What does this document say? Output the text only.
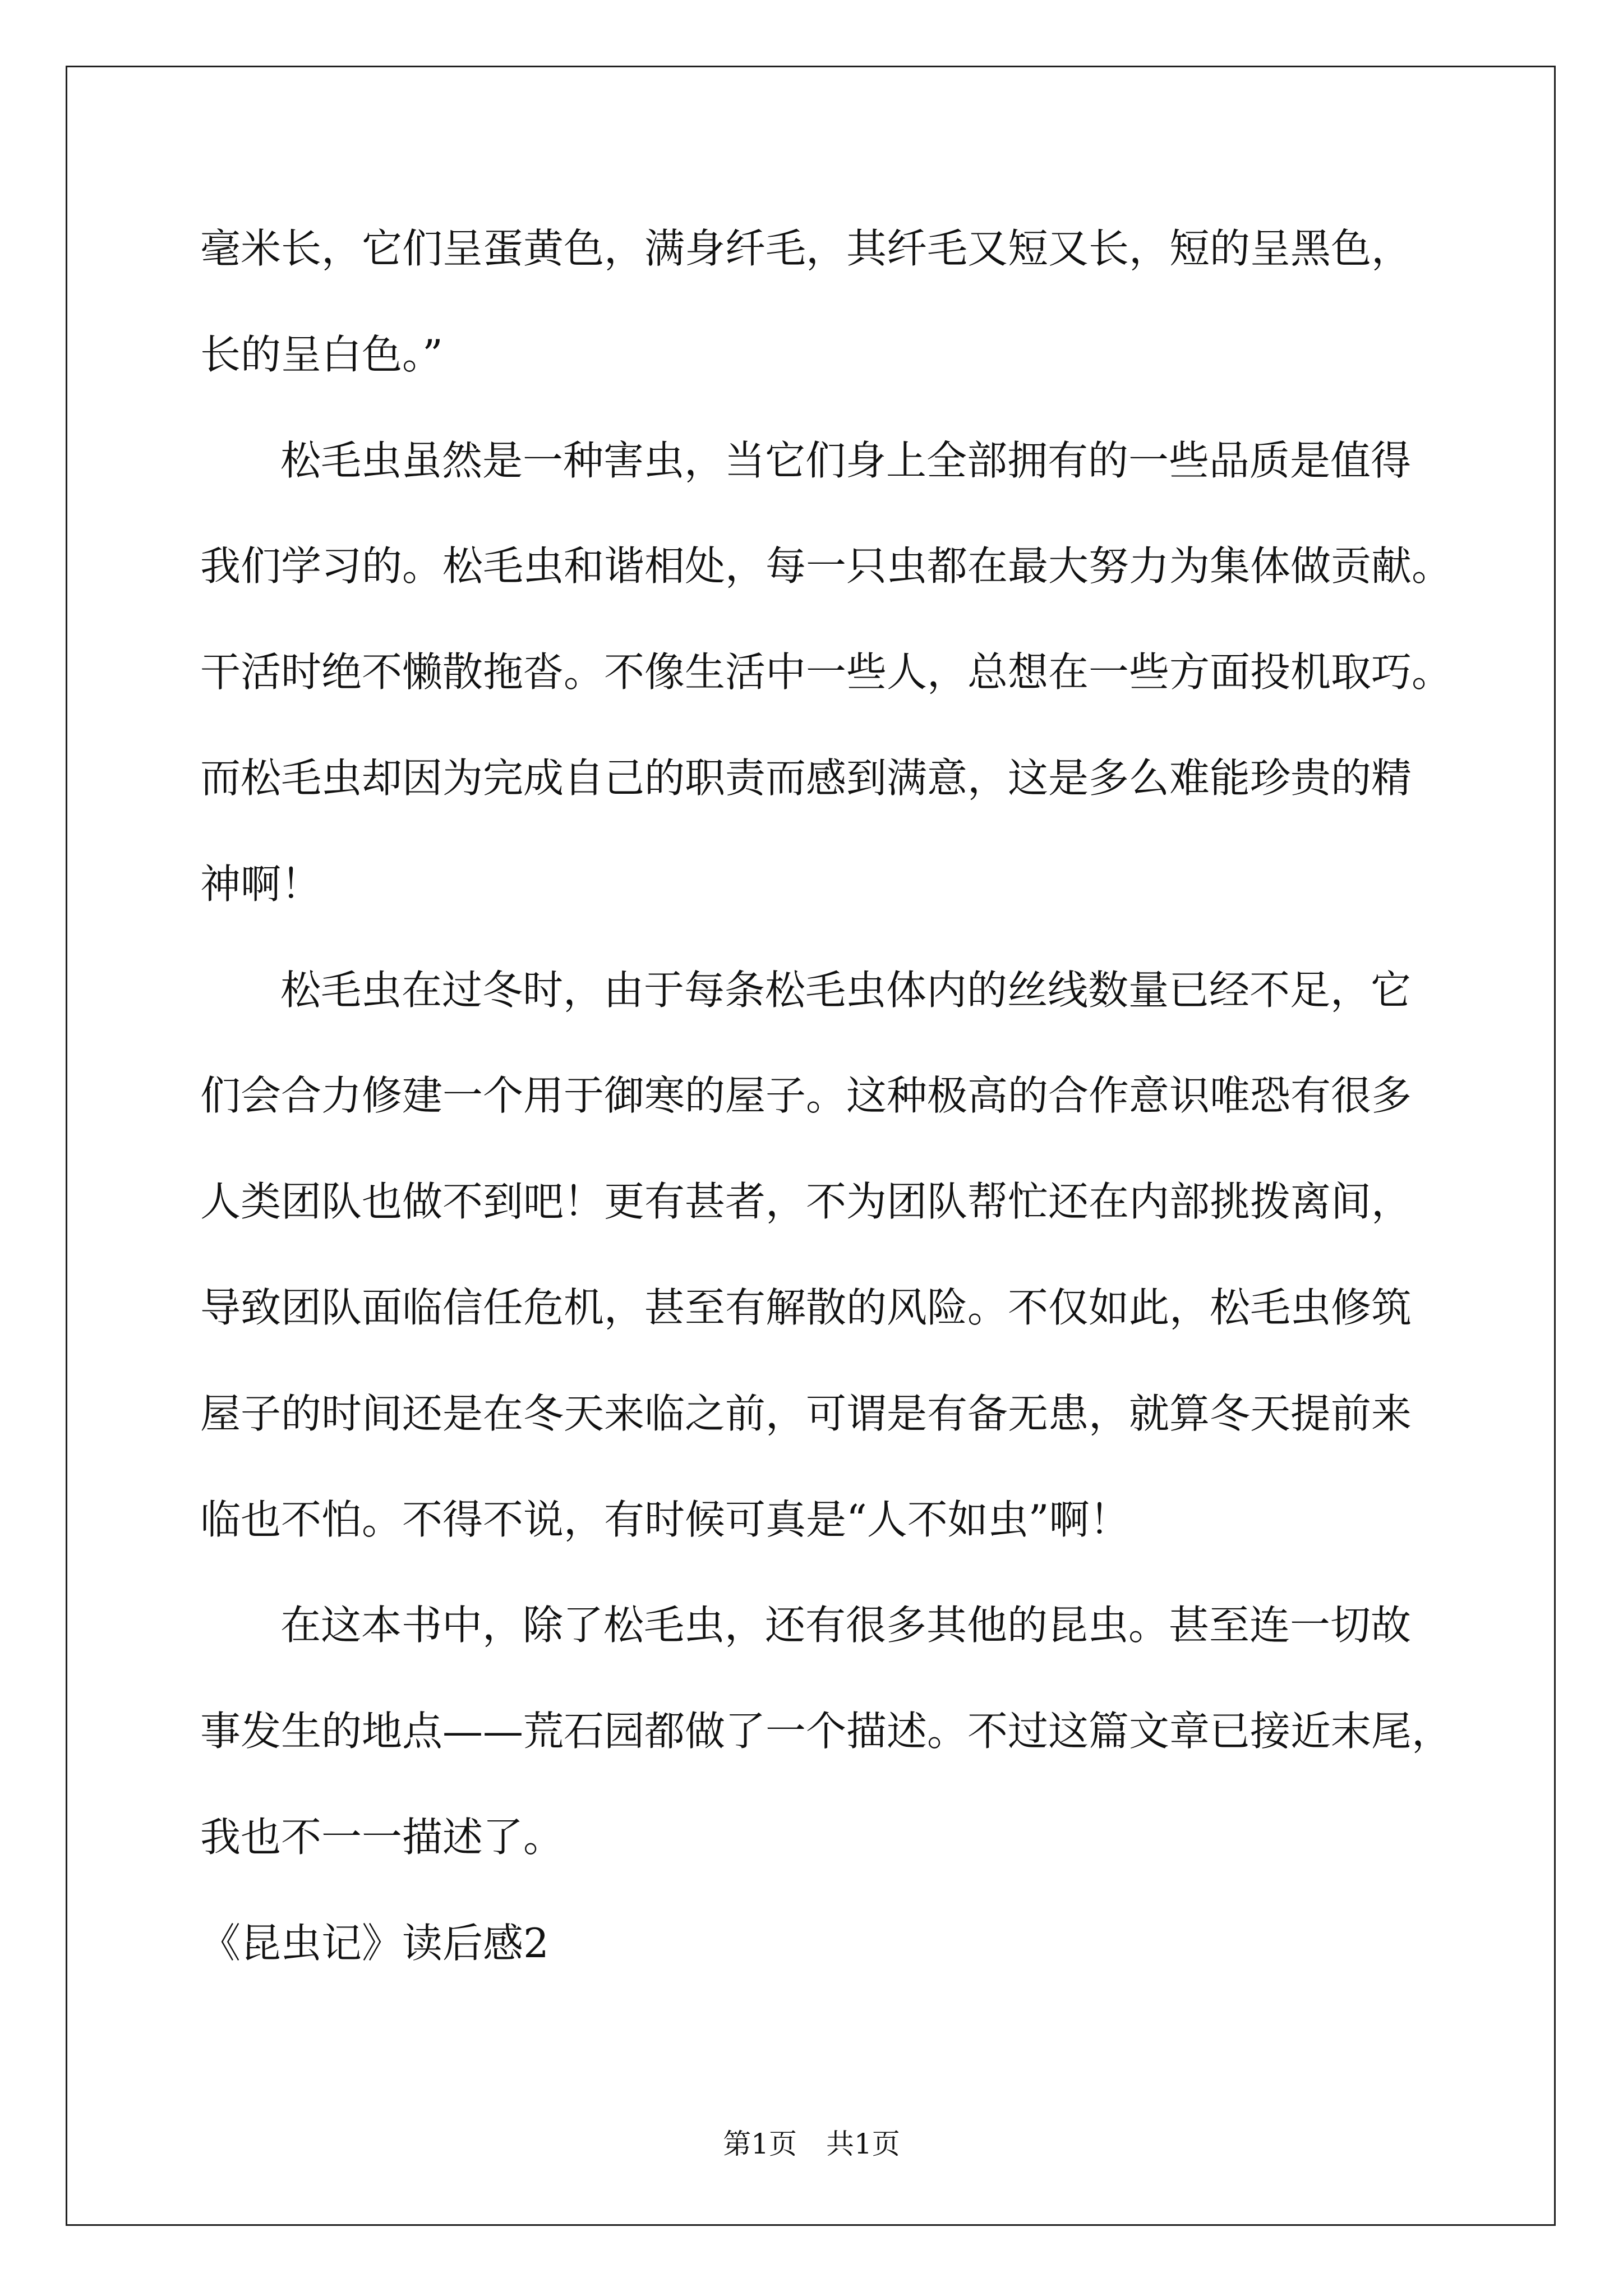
毫米长，它们呈蛋黄色，满身纤毛，其纤毛又短又长，短的呈黑色，
长的呈白色。”
松毛虫虽然是一种害虫，当它们身上全部拥有的一些品质是值得
我们学习的。松毛虫和谐相处，每一只虫都在最大努力为集体做贡献。
干活时绝不懒散拖沓。不像生活中一些人，总想在一些方面投机取巧。
而松毛虫却因为完成自己的职责而感到满意，这是多么难能珍贵的精
神啊！
松毛虫在过冬时，由于每条松毛虫体内的丝线数量已经不足，它
们会合力修建一个用于御寒的屋子。这种极高的合作意识唯恐有很多
人类团队也做不到吧！更有甚者，不为团队帮忙还在内部挑拨离间，
导致团队面临信任危机，甚至有解散的风险。不仅如此，松毛虫修筑
屋子的时间还是在冬天来临之前，可谓是有备无患，就算冬天提前来
临也不怕。不得不说，有时候可真是“人不如虫”啊！
在这本书中，除了松毛虫，还有很多其他的昆虫。甚至连一切故
事发生的地点——荒石园都做了一个描述。不过这篇文章已接近末尾，
我也不一一描述了。
《昆虫记》读后感2
第1页 共1页
